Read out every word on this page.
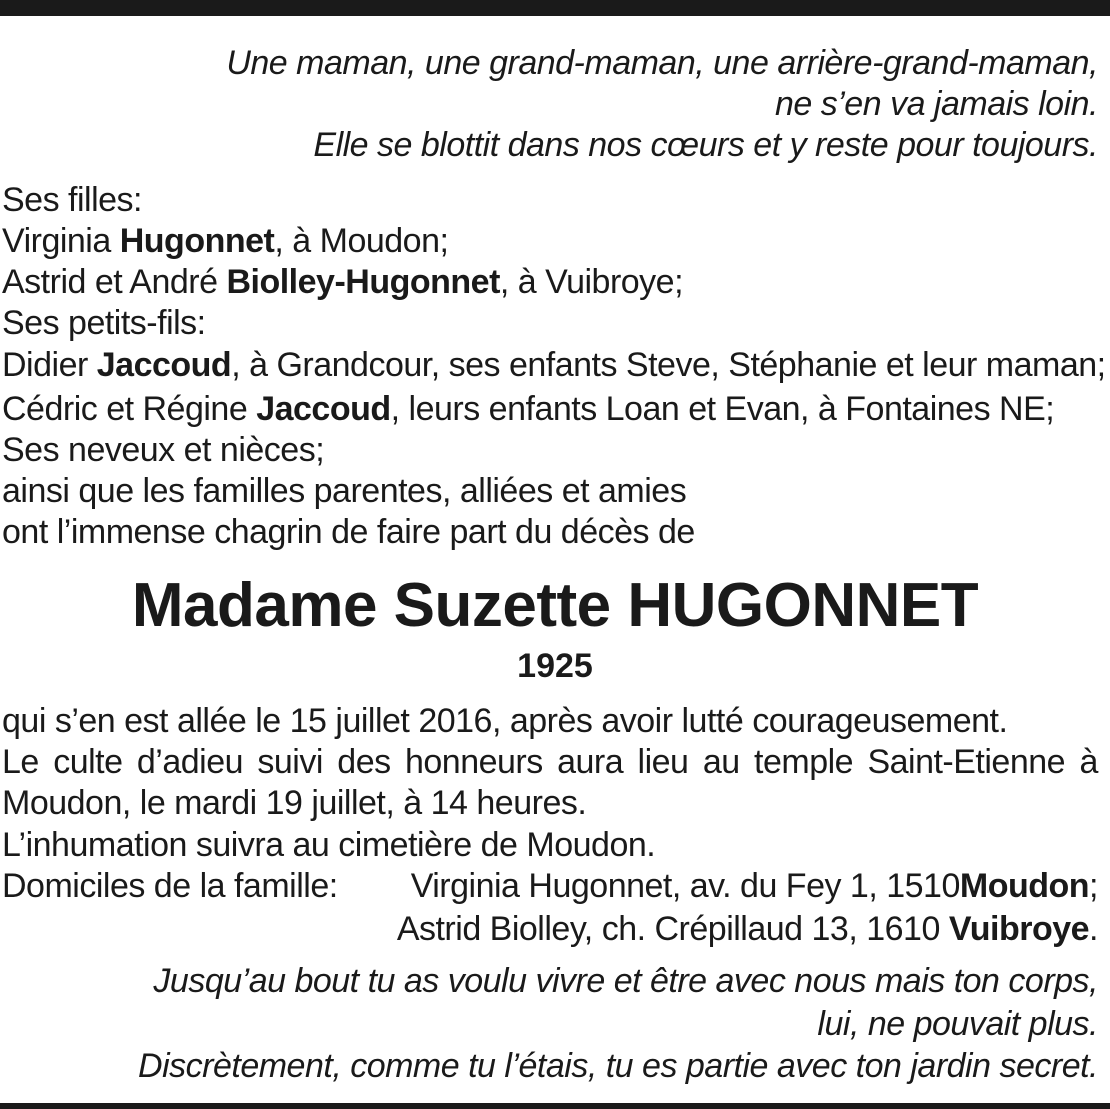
Une maman, une grand-maman, une arrière-grand-maman,
ne s’en va jamais loin.
Elle se blottit dans nos cœurs et y reste pour toujours.
Ses filles:
Virginia Hugonnet, à Moudon;
Astrid et André Biolley-Hugonnet, à Vuibroye;
Ses petits-fils:
Didier Jaccoud, à Grandcour, ses enfants Steve, Stéphanie et leur maman;
Cédric et Régine Jaccoud, leurs enfants Loan et Evan, à Fontaines NE;
Ses neveux et nièces;
ainsi que les familles parentes, alliées et amies
ont l’immense chagrin de faire part du décès de
Madame Suzette HUGONNET
1925
qui s’en est allée le 15 juillet 2016, après avoir lutté courageusement.
Le culte d’adieu suivi des honneurs aura lieu au temple Saint-Etienne à
Moudon, le mardi 19 juillet, à 14 heures.
L’inhumation suivra au cimetière de Moudon.
Domiciles de la famille: Virginia Hugonnet, av. du Fey 1, 1510Moudon;
Astrid Biolley, ch. Crépillaud 13, 1610 Vuibroye.
Jusqu’au bout tu as voulu vivre et être avec nous mais ton corps,
lui, ne pouvait plus.
Discrètement, comme tu l’étais, tu es partie avec ton jardin secret.
